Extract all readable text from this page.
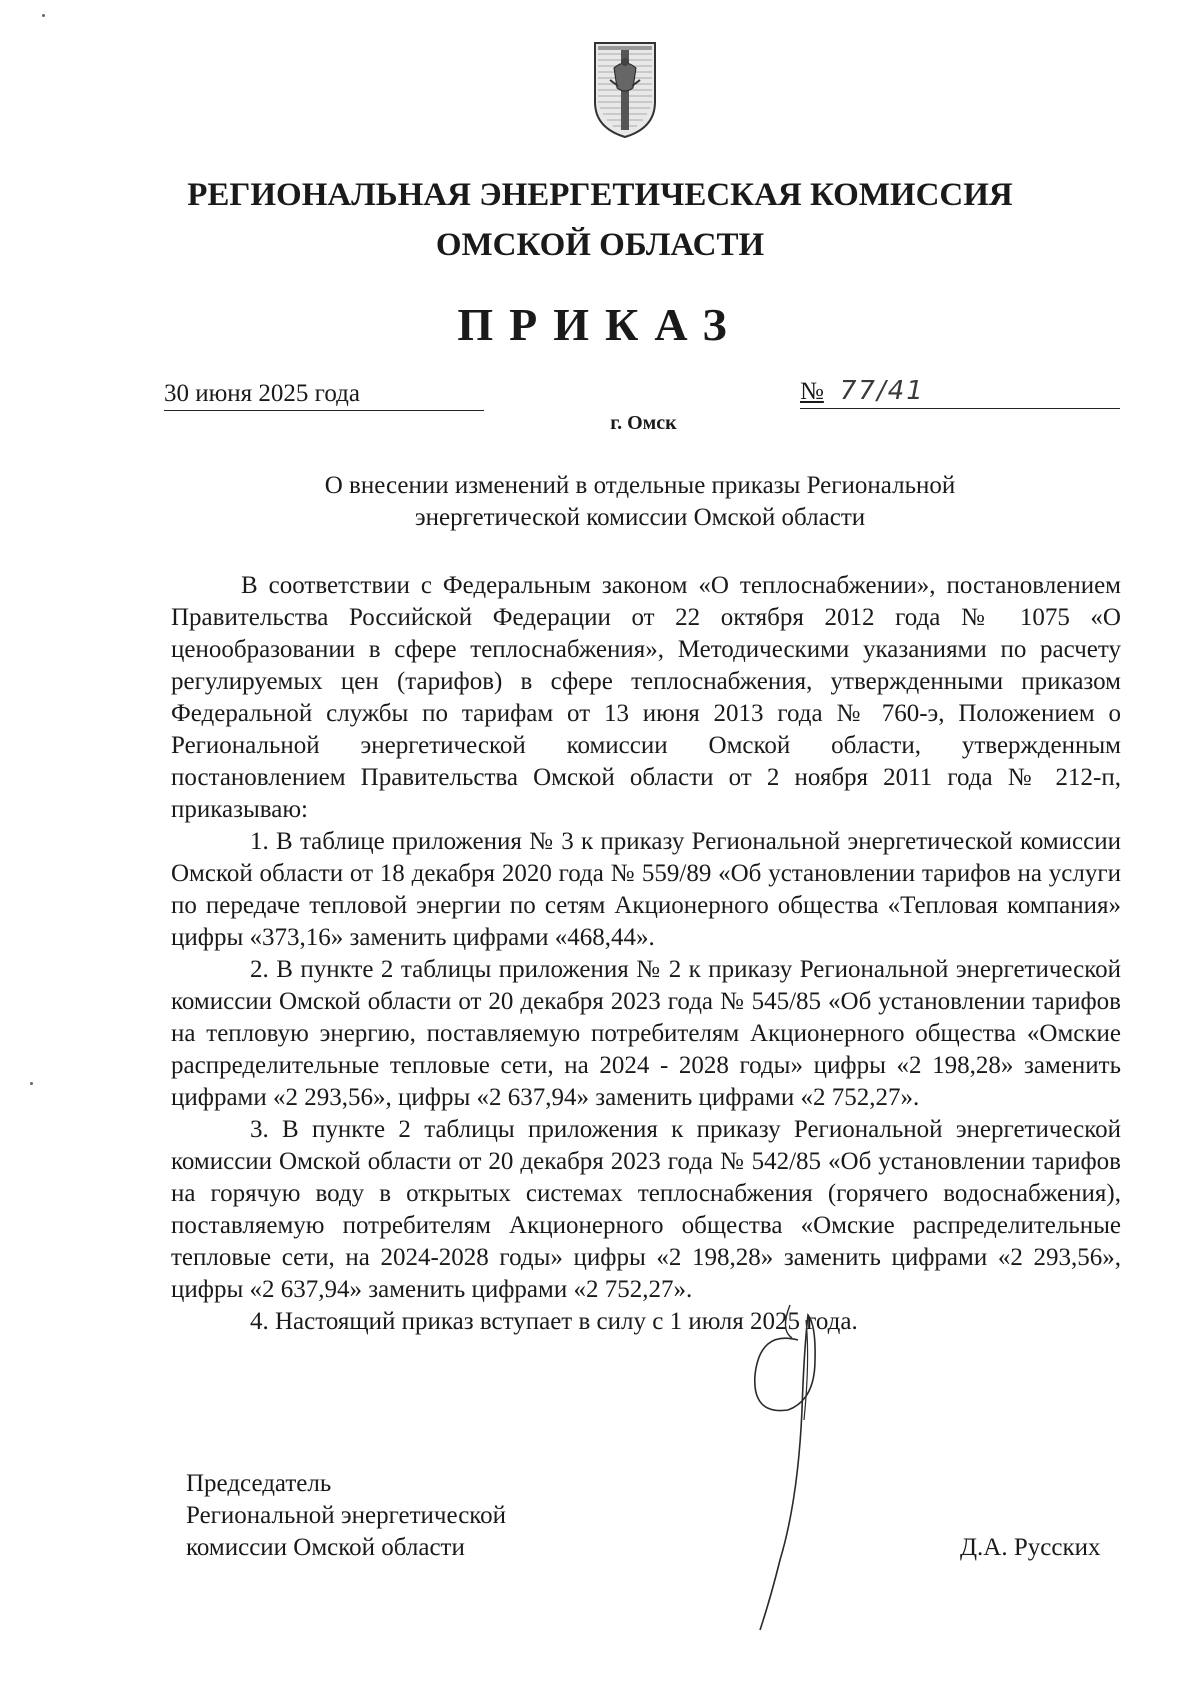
РЕГИОНАЛЬНАЯ ЭНЕРГЕТИЧЕСКАЯ КОМИССИЯ
ОМСКОЙ ОБЛАСТИ
ПРИКАЗ
30 июня 2025 года	№ 77/41
г. Омск
О внесении изменений в отдельные приказы Региональной
энергетической комиссии Омской области

В соответствии с Федеральным законом «О теплоснабжении», постановлением Правительства Российской Федерации от 22 октября 2012 года № 1075 «О ценообразовании в сфере теплоснабжения», Методическими указаниями по расчету регулируемых цен (тарифов) в сфере теплоснабжения, утвержденными приказом Федеральной службы по тарифам от 13 июня 2013 года № 760-э, Положением о Региональной энергетической комиссии Омской области, утвержденным постановлением Правительства Омской области от 2 ноября 2011 года № 212-п, приказываю:

1. В таблице приложения № 3 к приказу Региональной энергетической комиссии Омской области от 18 декабря 2020 года № 559/89 «Об установлении тарифов на услуги по передаче тепловой энергии по сетям Акционерного общества «Тепловая компания» цифры «373,16» заменить цифрами «468,44».

2. В пункте 2 таблицы приложения № 2 к приказу Региональной энергетической комиссии Омской области от 20 декабря 2023 года № 545/85 «Об установлении тарифов на тепловую энергию, поставляемую потребителям Акционерного общества «Омские распределительные тепловые сети, на 2024 - 2028 годы» цифры «2 198,28» заменить цифрами «2 293,56», цифры «2 637,94» заменить цифрами «2 752,27».

3. В пункте 2 таблицы приложения к приказу Региональной энергетической комиссии Омской области от 20 декабря 2023 года № 542/85 «Об установлении тарифов на горячую воду в открытых системах теплоснабжения (горячего водоснабжения), поставляемую потребителям Акционерного общества «Омские распределительные тепловые сети, на 2024-2028 годы» цифры «2 198,28» заменить цифрами «2 293,56», цифры «2 637,94» заменить цифрами «2 752,27».

4. Настоящий приказ вступает в силу с 1 июля 2025 года.

Председатель
Региональной энергетической
комиссии Омской области	Д.А. Русских
